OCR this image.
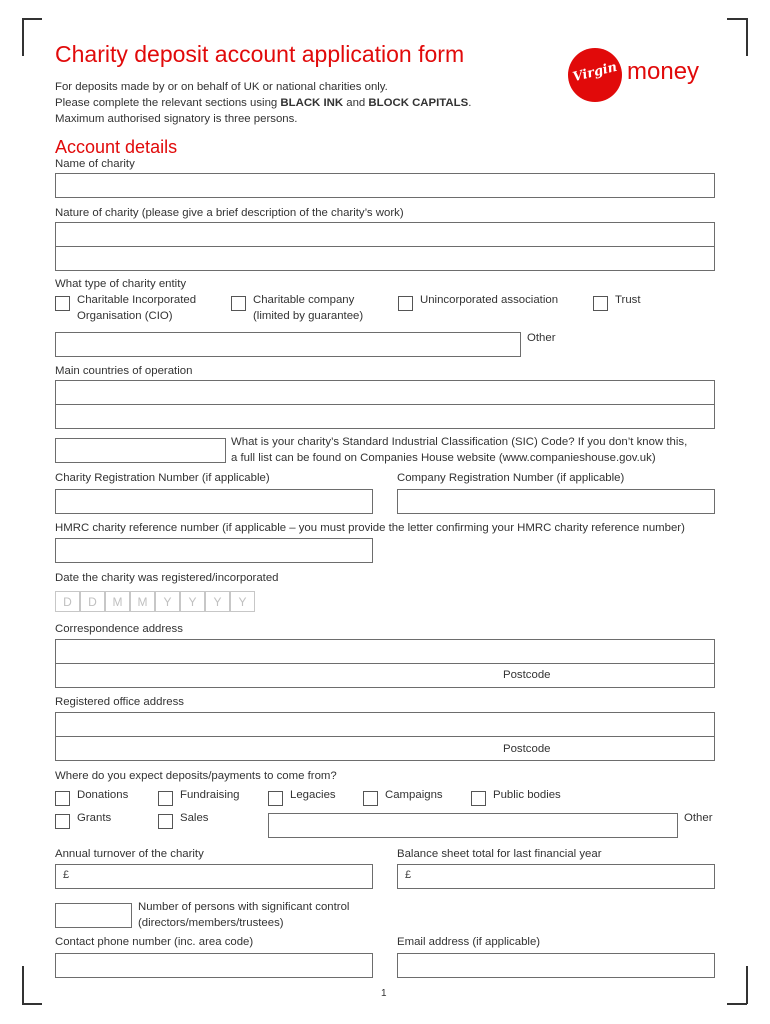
Charity deposit account application form
For deposits made by or on behalf of UK or national charities only.
Please complete the relevant sections using BLACK INK and BLOCK CAPITALS.
Maximum authorised signatory is three persons.
Virgin money
Account details
Name of charity
Nature of charity (please give a brief description of the charity’s work)
What type of charity entity
Charitable Incorporated
Organisation (CIO)
Charitable company
(limited by guarantee)
Unincorporated association	Trust
Other
Main countries of operation
What is your charity’s Standard Industrial Classification (SIC) Code? If you don’t know this,
a full list can be found on Companies House website (www.companieshouse.gov.uk)
Charity Registration Number (if applicable)	Company Registration Number (if applicable)
HMRC charity reference number (if applicable – you must provide the letter confirming your HMRC charity reference number)
Date the charity was registered/incorporated
D	D	M	M	Y	Y	Y	Y
Correspondence address
Postcode
Registered office address
Postcode
Where do you expect deposits/payments to come from?
Donations	Fundraising	Legacies	Campaigns	Public bodies
Grants	Sales	Other
Annual turnover of the charity	Balance sheet total for last financial year
£	£
Number of persons with significant control
(directors/members/trustees)
Contact phone number (inc. area code)	Email address (if applicable)
1
